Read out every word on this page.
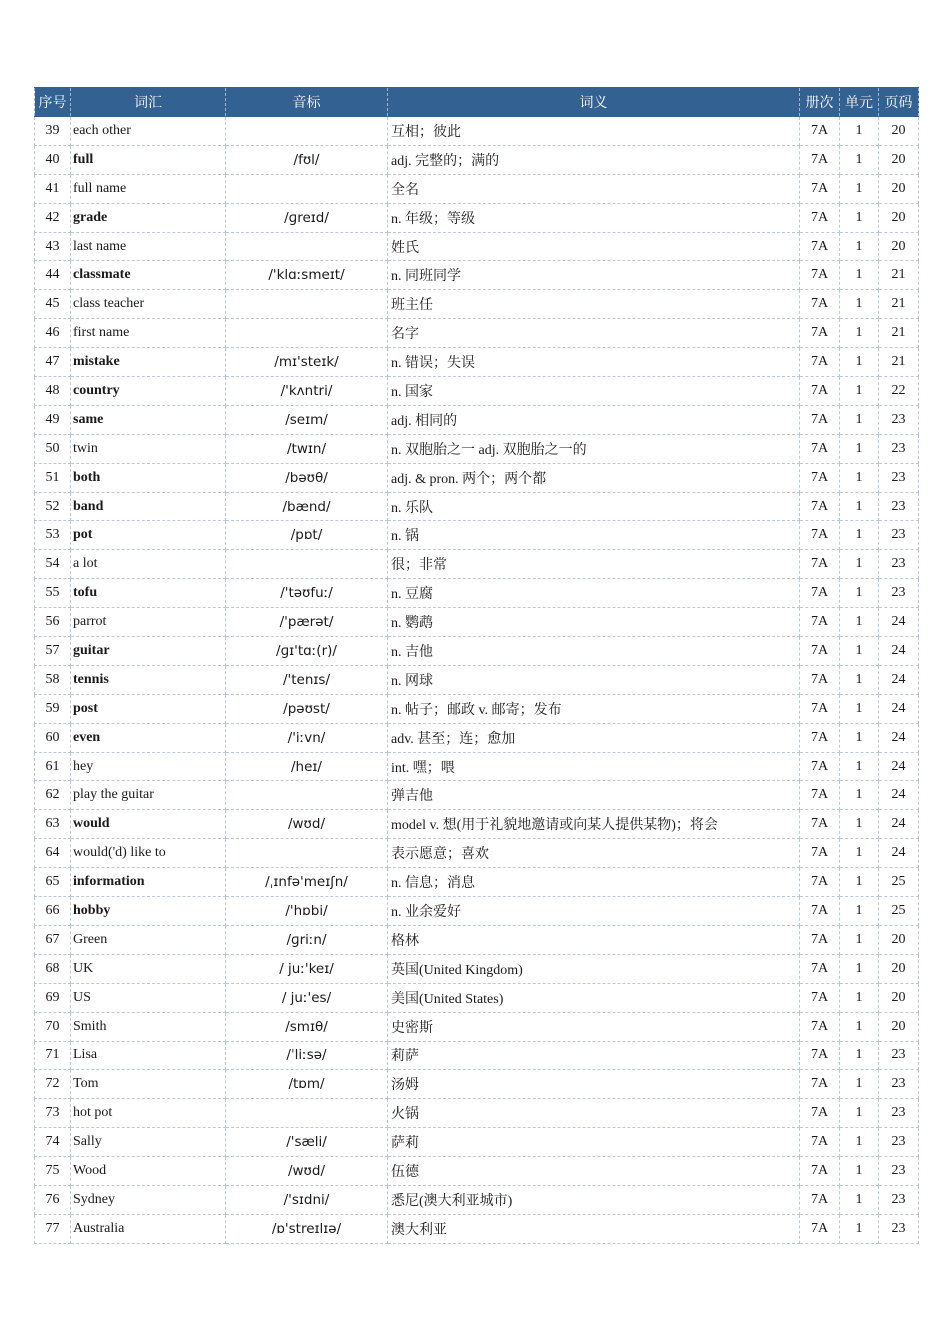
序号	词汇	音标	词义	册次	单元	页码
39	each other		互相；彼此	7A	1	20
40	full	/fʊl/	adj. 完整的；满的	7A	1	20
41	full name		全名	7A	1	20
42	grade	/ɡreɪd/	n. 年级；等级	7A	1	20
43	last name		姓氏	7A	1	20
44	classmate	/'klɑːsmeɪt/	n. 同班同学	7A	1	21
45	class teacher		班主任	7A	1	21
46	first name		名字	7A	1	21
47	mistake	/mɪ'steɪk/	n. 错误；失误	7A	1	21
48	country	/'kʌntri/	n. 国家	7A	1	22
49	same	/seɪm/	adj. 相同的	7A	1	23
50	twin	/twɪn/	n. 双胞胎之一 adj. 双胞胎之一的	7A	1	23
51	both	/bəʊθ/	adj. & pron. 两个；两个都	7A	1	23
52	band	/bænd/	n. 乐队	7A	1	23
53	pot	/pɒt/	n. 锅	7A	1	23
54	a lot		很；非常	7A	1	23
55	tofu	/'təʊfuː/	n. 豆腐	7A	1	23
56	parrot	/'pærət/	n. 鹦鹉	7A	1	24
57	guitar	/ɡɪ'tɑː(r)/	n. 吉他	7A	1	24
58	tennis	/'tenɪs/	n. 网球	7A	1	24
59	post	/pəʊst/	n. 帖子；邮政 v. 邮寄；发布	7A	1	24
60	even	/'iːvn/	adv. 甚至；连；愈加	7A	1	24
61	hey	/heɪ/	int. 嘿；喂	7A	1	24
62	play the guitar		弹吉他	7A	1	24
63	would	/wʊd/	model v. 想(用于礼貌地邀请或向某人提供某物)；将会	7A	1	24
64	would('d) like to		表示愿意；喜欢	7A	1	24
65	information	/ˌɪnfə'meɪʃn/	n. 信息；消息	7A	1	25
66	hobby	/'hɒbi/	n. 业余爱好	7A	1	25
67	Green	/ɡriːn/	格林	7A	1	20
68	UK	/ juː'keɪ/	英国(United Kingdom)	7A	1	20
69	US	/ juː'es/	美国(United States)	7A	1	20
70	Smith	/smɪθ/	史密斯	7A	1	20
71	Lisa	/ˈliːsə/	莉萨	7A	1	23
72	Tom	/tɒm/	汤姆	7A	1	23
73	hot pot		火锅	7A	1	23
74	Sally	/'sæli/	萨莉	7A	1	23
75	Wood	/wʊd/	伍德	7A	1	23
76	Sydney	/'sɪdni/	悉尼(澳大利亚城市)	7A	1	23
77	Australia	/ɒ'streɪlɪə/	澳大利亚	7A	1	23
